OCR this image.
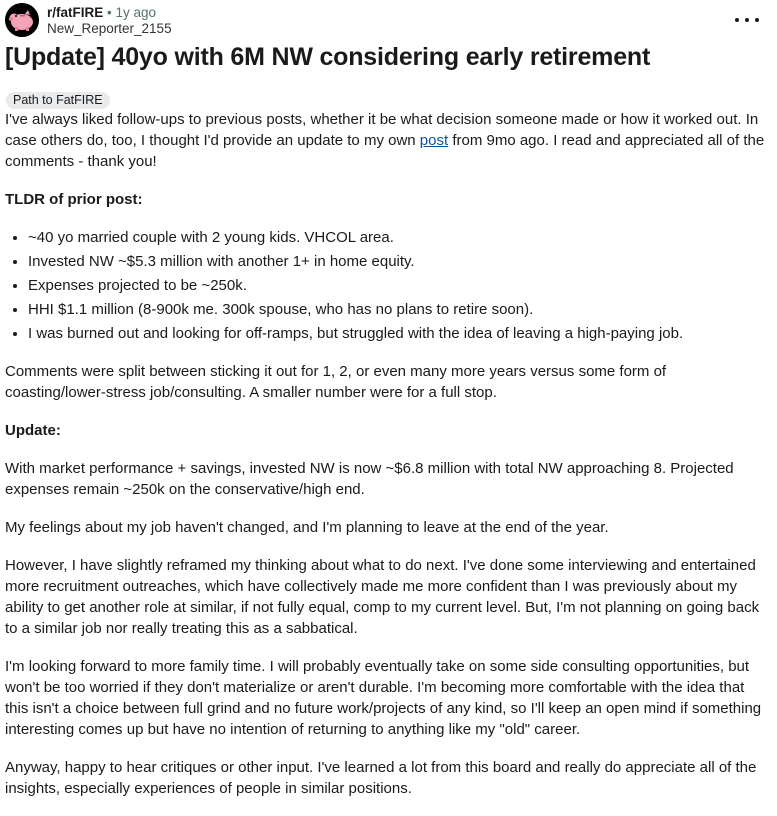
r/fatFIRE • 1y ago
New_Reporter_2155
[Update] 40yo with 6M NW considering early retirement
Path to FatFIRE

I've always liked follow-ups to previous posts, whether it be what decision someone made or how it worked out. In case others do, too, I thought I'd provide an update to my own post from 9mo ago. I read and appreciated all of the comments - thank you!

TLDR of prior post:

• ~40 yo married couple with 2 young kids. VHCOL area.
• Invested NW ~$5.3 million with another 1+ in home equity.
• Expenses projected to be ~250k.
• HHI $1.1 million (8-900k me. 300k spouse, who has no plans to retire soon).
• I was burned out and looking for off-ramps, but struggled with the idea of leaving a high-paying job.

Comments were split between sticking it out for 1, 2, or even many more years versus some form of coasting/lower-stress job/consulting. A smaller number were for a full stop.

Update:

With market performance + savings, invested NW is now ~$6.8 million with total NW approaching 8. Projected expenses remain ~250k on the conservative/high end.

My feelings about my job haven't changed, and I'm planning to leave at the end of the year.

However, I have slightly reframed my thinking about what to do next. I've done some interviewing and entertained more recruitment outreaches, which have collectively made me more confident than I was previously about my ability to get another role at similar, if not fully equal, comp to my current level. But, I'm not planning on going back to a similar job nor really treating this as a sabbatical.

I'm looking forward to more family time. I will probably eventually take on some side consulting opportunities, but won't be too worried if they don't materialize or aren't durable. I'm becoming more comfortable with the idea that this isn't a choice between full grind and no future work/projects of any kind, so I'll keep an open mind if something interesting comes up but have no intention of returning to anything like my "old" career.

Anyway, happy to hear critiques or other input. I've learned a lot from this board and really do appreciate all of the insights, especially experiences of people in similar positions.
